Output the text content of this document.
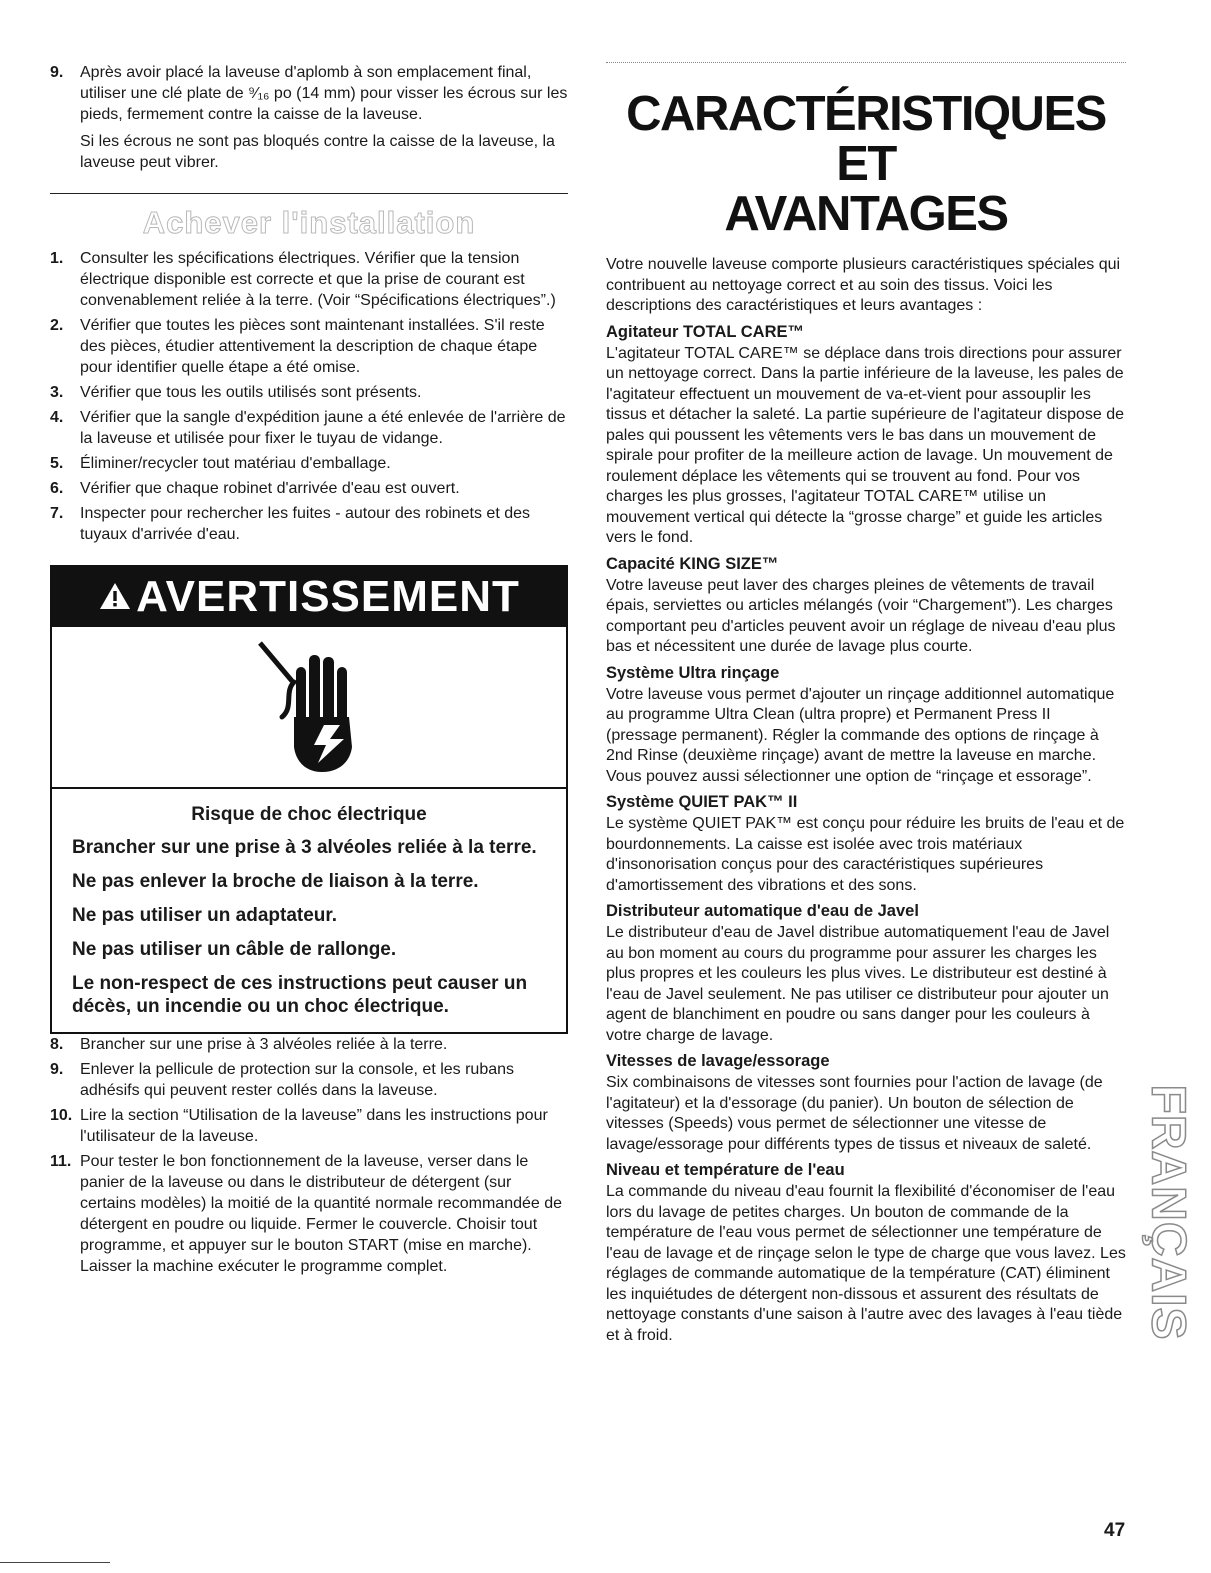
9. Après avoir placé la laveuse d'aplomb à son emplacement final, utiliser une clé plate de ⁹⁄₁₆ po (14 mm) pour visser les écrous sur les pieds, fermement contre la caisse de la laveuse.

Si les écrous ne sont pas bloqués contre la caisse de la laveuse, la laveuse peut vibrer.

Achever l'installation
1. Consulter les spécifications électriques. Vérifier que la tension électrique disponible est correcte et que la prise de courant est convenablement reliée à la terre. (Voir “Spécifications électriques”.)

2. Vérifier que toutes les pièces sont maintenant installées. S'il reste des pièces, étudier attentivement la description de chaque étape pour identifier quelle étape a été omise.

3. Vérifier que tous les outils utilisés sont présents.

4. Vérifier que la sangle d'expédition jaune a été enlevée de l'arrière de la laveuse et utilisée pour fixer le tuyau de vidange.

5. Éliminer/recycler tout matériau d'emballage.

6. Vérifier que chaque robinet d'arrivée d'eau est ouvert.

7. Inspecter pour rechercher les fuites - autour des robinets et des tuyaux d'arrivée d'eau.

AVERTISSEMENT

Risque de choc électrique

Brancher sur une prise à 3 alvéoles reliée à la terre.

Ne pas enlever la broche de liaison à la terre.

Ne pas utiliser un adaptateur.

Ne pas utiliser un câble de rallonge.

Le non-respect de ces instructions peut causer un décès, un incendie ou un choc électrique.

8. Brancher sur une prise à 3 alvéoles reliée à la terre.

9. Enlever la pellicule de protection sur la console, et les rubans adhésifs qui peuvent rester collés dans la laveuse.

10. Lire la section “Utilisation de la laveuse” dans les instructions pour l'utilisateur de la laveuse.

11. Pour tester le bon fonctionnement de la laveuse, verser dans le panier de la laveuse ou dans le distributeur de détergent (sur certains modèles) la moitié de la quantité normale recommandée de détergent en poudre ou liquide. Fermer le couvercle. Choisir tout programme, et appuyer sur le bouton START (mise en marche). Laisser la machine exécuter le programme complet.

CARACTÉRISTIQUES ET
AVANTAGES

Votre nouvelle laveuse comporte plusieurs caractéristiques spéciales qui contribuent au nettoyage correct et au soin des tissus. Voici les descriptions des caractéristiques et leurs avantages :

Agitateur TOTAL CARE™

L'agitateur TOTAL CARE™ se déplace dans trois directions pour assurer un nettoyage correct. Dans la partie inférieure de la laveuse, les pales de l'agitateur effectuent un mouvement de va-et-vient pour assouplir les tissus et détacher la saleté. La partie supérieure de l'agitateur dispose de pales qui poussent les vêtements vers le bas dans un mouvement de spirale pour profiter de la meilleure action de lavage. Un mouvement de roulement déplace les vêtements qui se trouvent au fond. Pour vos charges les plus grosses, l'agitateur TOTAL CARE™ utilise un mouvement vertical qui détecte la “grosse charge” et guide les articles vers le fond.

Capacité KING SIZE™

Votre laveuse peut laver des charges pleines de vêtements de travail épais, serviettes ou articles mélangés (voir “Chargement”). Les charges comportant peu d'articles peuvent avoir un réglage de niveau d'eau plus bas et nécessitent une durée de lavage plus courte.

Système Ultra rinçage

Votre laveuse vous permet d'ajouter un rinçage additionnel automatique au programme Ultra Clean (ultra propre) et Permanent Press II (pressage permanent). Régler la commande des options de rinçage à 2nd Rinse (deuxième rinçage) avant de mettre la laveuse en marche. Vous pouvez aussi sélectionner une option de “rinçage et essorage”.

Système QUIET PAK™ II

Le système QUIET PAK™ est conçu pour réduire les bruits de l'eau et de bourdonnements. La caisse est isolée avec trois matériaux d'insonorisation conçus pour des caractéristiques supérieures d'amortissement des vibrations et des sons.

Distributeur automatique d'eau de Javel

Le distributeur d'eau de Javel distribue automatiquement l'eau de Javel au bon moment au cours du programme pour assurer les charges les plus propres et les couleurs les plus vives. Le distributeur est destiné à l'eau de Javel seulement. Ne pas utiliser ce distributeur pour ajouter un agent de blanchiment en poudre ou sans danger pour les couleurs à votre charge de lavage.

Vitesses de lavage/essorage

Six combinaisons de vitesses sont fournies pour l'action de lavage (de l'agitateur) et la d'essorage (du panier). Un bouton de sélection de vitesses (Speeds) vous permet de sélectionner une vitesse de lavage/essorage pour différents types de tissus et niveaux de saleté.

Niveau et température de l'eau

La commande du niveau d'eau fournit la flexibilité d'économiser de l'eau lors du lavage de petites charges. Un bouton de commande de la température de l'eau vous permet de sélectionner une température de l'eau de lavage et de rinçage selon le type de charge que vous lavez. Les réglages de commande automatique de la température (CAT) éliminent les inquiétudes de détergent non-dissous et assurent des résultats de nettoyage constants d'une saison à l'autre avec des lavages à l'eau tiède et à froid.	FRANÇAIS
47
